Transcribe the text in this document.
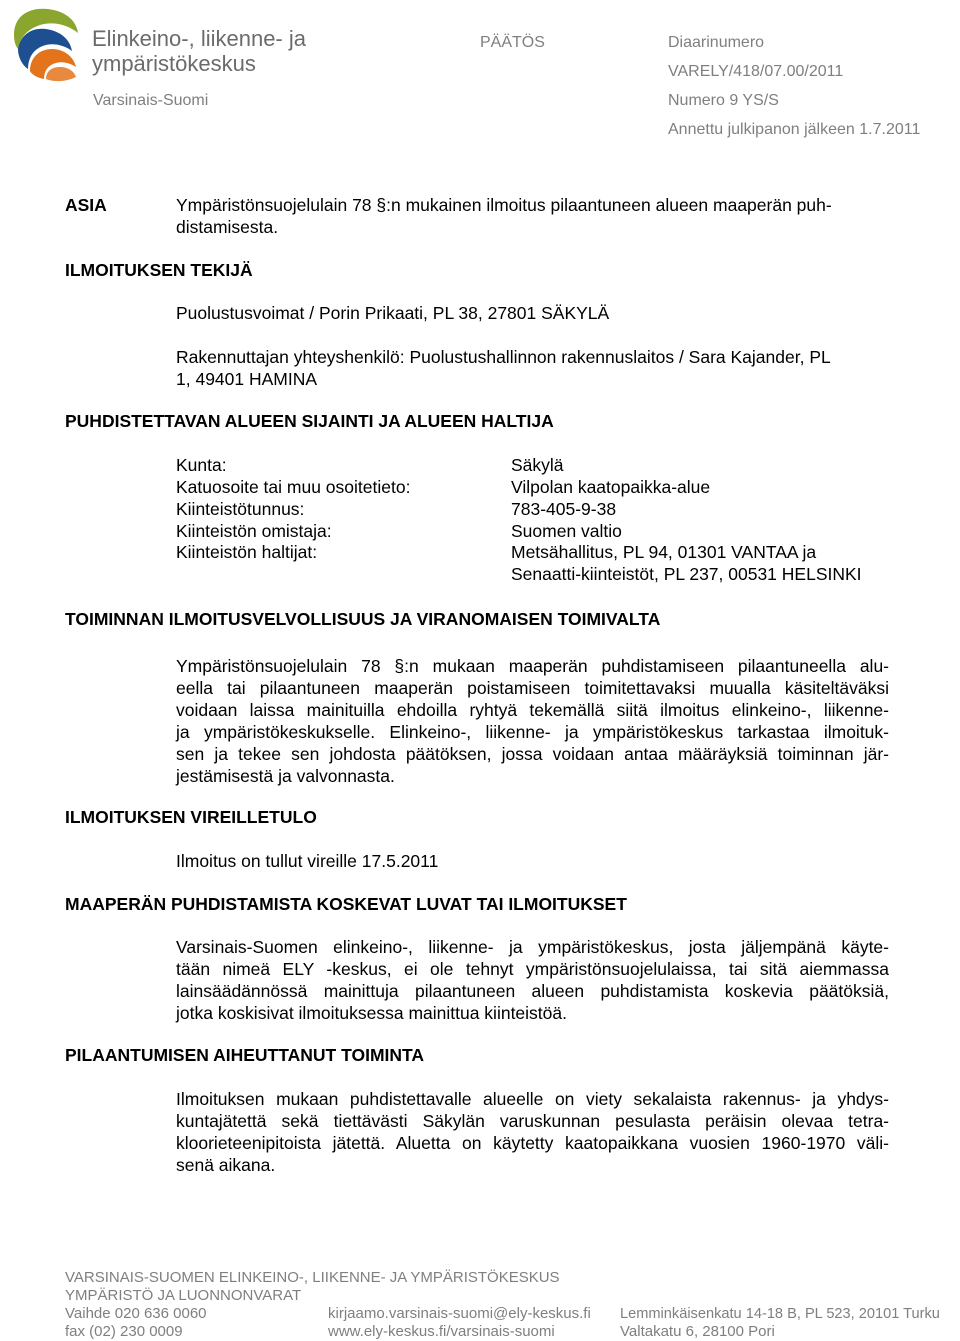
Elinkeino-, liikenne- ja
ympäristökeskus
Varsinais-Suomi
PÄÄTÖS	Diaarinumero
VARELY/418/07.00/2011
Numero 9 YS/S
Annettu julkipanon jälkeen 1.7.2011
ASIA	Ympäristönsuojelulain 78 §:n mukainen ilmoitus pilaantuneen alueen maaperän puh-
distamisesta.
ILMOITUKSEN TEKIJÄ
Puolustusvoimat / Porin Prikaati, PL 38, 27801 SÄKYLÄ
Rakennuttajan yhteyshenkilö: Puolustushallinnon rakennuslaitos / Sara Kajander, PL
1, 49401 HAMINA
PUHDISTETTAVAN ALUEEN SIJAINTI JA ALUEEN HALTIJA
Kunta:	Säkylä
Katuosoite tai muu osoitetieto:	Vilpolan kaatopaikka-alue
Kiinteistötunnus:	783-405-9-38
Kiinteistön omistaja:	Suomen valtio
Kiinteistön haltijat:	Metsähallitus, PL 94, 01301 VANTAA ja
Senaatti-kiinteistöt, PL 237, 00531 HELSINKI
TOIMINNAN ILMOITUSVELVOLLISUUS JA VIRANOMAISEN TOIMIVALTA
Ympäristönsuojelulain 78 §:n mukaan maaperän puhdistamiseen pilaantuneella alu-
eella tai pilaantuneen maaperän poistamiseen toimitettavaksi muualla käsiteltäväksi
voidaan laissa mainituilla ehdoilla ryhtyä tekemällä siitä ilmoitus elinkeino-, liikenne-
ja ympäristökeskukselle. Elinkeino-, liikenne- ja ympäristökeskus tarkastaa ilmoituk-
sen ja tekee sen johdosta päätöksen, jossa voidaan antaa määräyksiä toiminnan jär-
jestämisestä ja valvonnasta.
ILMOITUKSEN VIREILLETULO
Ilmoitus on tullut vireille 17.5.2011
MAAPERÄN PUHDISTAMISTA KOSKEVAT LUVAT TAI ILMOITUKSET
Varsinais-Suomen elinkeino-, liikenne- ja ympäristökeskus, josta jäljempänä käyte-
tään nimeä ELY -keskus, ei ole tehnyt ympäristönsuojelulaissa, tai sitä aiemmassa
lainsäädännössä mainittuja pilaantuneen alueen puhdistamista koskevia päätöksiä,
jotka koskisivat ilmoituksessa mainittua kiinteistöä.
PILAANTUMISEN AIHEUTTANUT TOIMINTA
Ilmoituksen mukaan puhdistettavalle alueelle on viety sekalaista rakennus- ja yhdys-
kuntajätettä sekä tiettävästi Säkylän varuskunnan pesulasta peräisin olevaa tetra-
kloorieteenipitoista jätettä. Aluetta on käytetty kaatopaikkana vuosien 1960-1970 väli-
senä aikana.
VARSINAIS-SUOMEN ELINKEINO-, LIIKENNE- JA YMPÄRISTÖKESKUS
YMPÄRISTÖ JA LUONNONVARAT
Vaihde 020 636 0060
fax (02) 230 0009
kirjaamo.varsinais-suomi@ely-keskus.fi
www.ely-keskus.fi/varsinais-suomi
Lemminkäisenkatu 14-18 B, PL 523, 20101 Turku
Valtakatu 6, 28100 Pori
